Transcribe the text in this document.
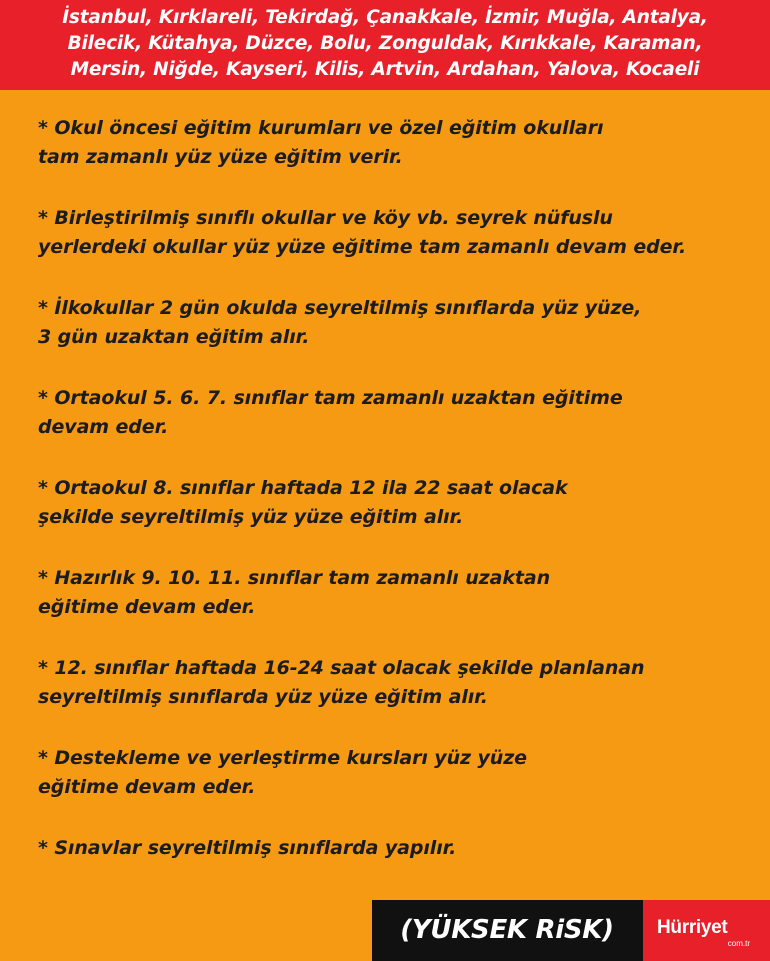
İstanbul, Kırklareli, Tekirdağ, Çanakkale, İzmir, Muğla, Antalya,
Bilecik, Kütahya, Düzce, Bolu, Zonguldak, Kırıkkale, Karaman,
Mersin, Niğde, Kayseri, Kilis, Artvin, Ardahan, Yalova, Kocaeli
* Okul öncesi eğitim kurumları ve özel eğitim okulları
tam zamanlı yüz yüze eğitim verir.
* Birleştirilmiş sınıflı okullar ve köy vb. seyrek nüfuslu
yerlerdeki okullar yüz yüze eğitime tam zamanlı devam eder.
* İlkokullar 2 gün okulda seyreltilmiş sınıflarda yüz yüze,
3 gün uzaktan eğitim alır.
* Ortaokul 5. 6. 7. sınıflar tam zamanlı uzaktan eğitime
devam eder.
* Ortaokul 8. sınıflar haftada 12 ila 22 saat olacak
şekilde seyreltilmiş yüz yüze eğitim alır.
* Hazırlık 9. 10. 11. sınıflar tam zamanlı uzaktan
eğitime devam eder.
* 12. sınıflar haftada 16-24 saat olacak şekilde planlanan
seyreltilmiş sınıflarda yüz yüze eğitim alır.
* Destekleme ve yerleştirme kursları yüz yüze
eğitime devam eder.
* Sınavlar seyreltilmiş sınıflarda yapılır.
(YÜKSEK RiSK)	Hürriyet
com.tr
